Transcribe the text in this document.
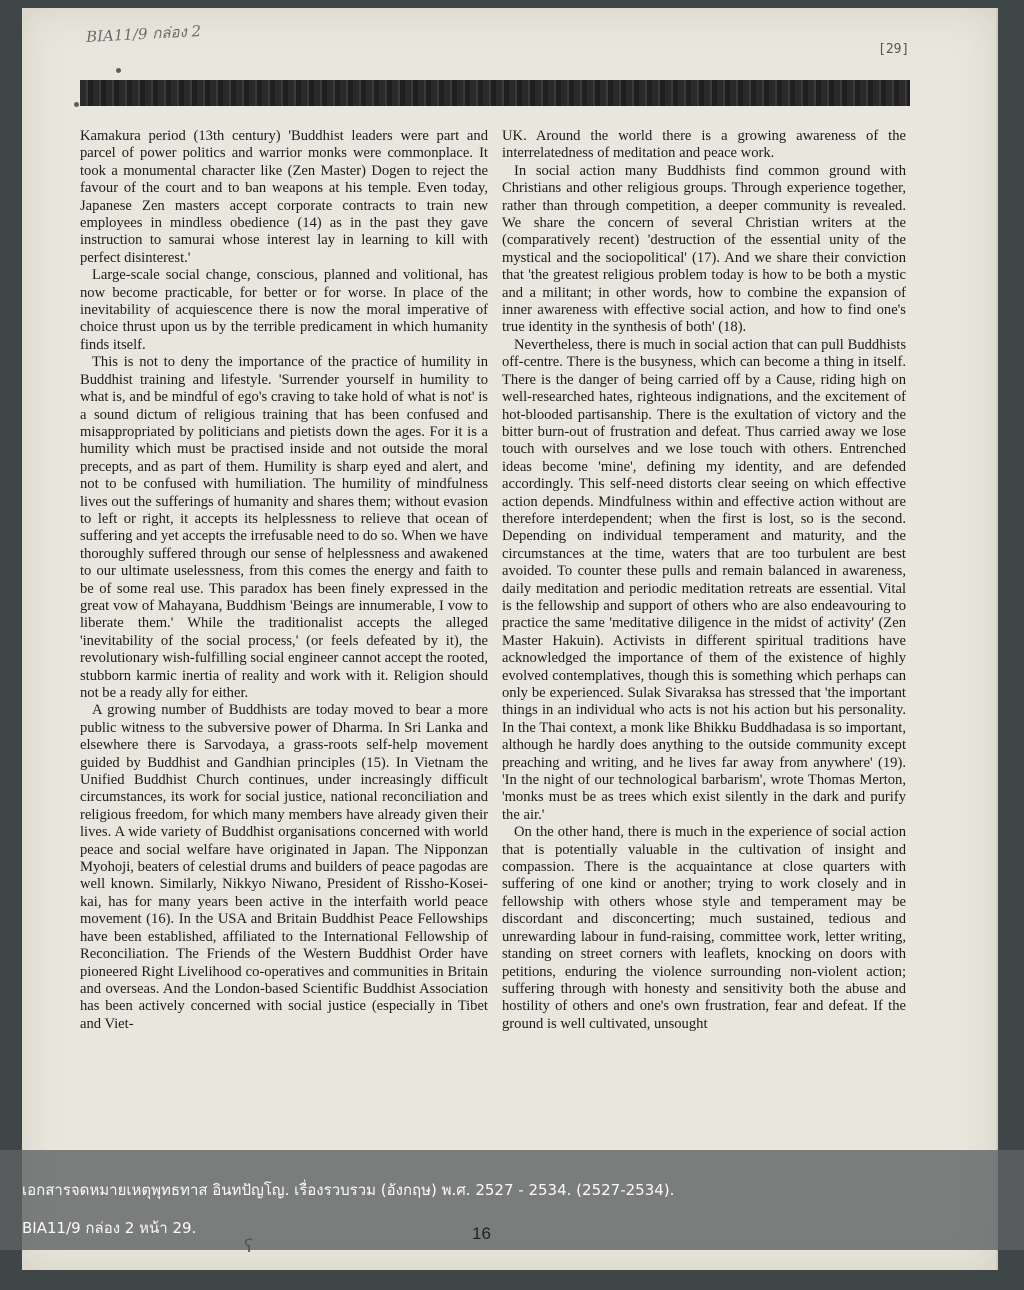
BIA11/9 กล่อง 2
[29]

Kamakura period (13th century) 'Buddhist leaders were part and parcel of power politics and warrior monks were commonplace. It took a monumental character like (Zen Master) Dogen to reject the favour of the court and to ban weapons at his temple. Even today, Japanese Zen masters accept corporate contracts to train new employees in mindless obedience (14) as in the past they gave instruction to samurai whose interest lay in learning to kill with perfect disinterest.'

Large-scale social change, conscious, planned and volitional, has now become practicable, for better or for worse. In place of the inevitability of acquiescence there is now the moral imperative of choice thrust upon us by the terrible predicament in which humanity finds itself.

This is not to deny the importance of the practice of humility in Buddhist training and lifestyle. 'Surrender yourself in humility to what is, and be mindful of ego's craving to take hold of what is not' is a sound dictum of religious training that has been confused and misappropriated by politicians and pietists down the ages. For it is a humility which must be practised inside and not outside the moral precepts, and as part of them. Humility is sharp eyed and alert, and not to be confused with humiliation. The humility of mindfulness lives out the sufferings of humanity and shares them; without evasion to left or right, it accepts its helplessness to relieve that ocean of suffering and yet accepts the irrefusable need to do so. When we have thoroughly suffered through our sense of helplessness and awakened to our ultimate uselessness, from this comes the energy and faith to be of some real use. This paradox has been finely expressed in the great vow of Mahayana, Buddhism 'Beings are innumerable, I vow to liberate them.' While the traditionalist accepts the alleged 'inevitability of the social process,' (or feels defeated by it), the revolutionary wish-fulfilling social engineer cannot accept the rooted, stubborn karmic inertia of reality and work with it. Religion should not be a ready ally for either.

A growing number of Buddhists are today moved to bear a more public witness to the subversive power of Dharma. In Sri Lanka and elsewhere there is Sarvodaya, a grass-roots self-help movement guided by Buddhist and Gandhian principles (15). In Vietnam the Unified Buddhist Church continues, under increasingly difficult circumstances, its work for social justice, national reconciliation and religious freedom, for which many members have already given their lives. A wide variety of Buddhist organisations concerned with world peace and social welfare have originated in Japan. The Nipponzan Myohoji, beaters of celestial drums and builders of peace pagodas are well known. Similarly, Nikkyo Niwano, President of Rissho-Kosei-kai, has for many years been active in the interfaith world peace movement (16). In the USA and Britain Buddhist Peace Fellowships have been established, affiliated to the International Fellowship of Reconciliation. The Friends of the Western Buddhist Order have pioneered Right Livelihood co-operatives and communities in Britain and overseas. And the London-based Scientific Buddhist Association has been actively concerned with social justice (especially in Tibet and Viet-

UK. Around the world there is a growing awareness of the interrelatedness of meditation and peace work.

In social action many Buddhists find common ground with Christians and other religious groups. Through experience together, rather than through competition, a deeper community is revealed. We share the concern of several Christian writers at the (comparatively recent) 'destruction of the essential unity of the mystical and the sociopolitical' (17). And we share their conviction that 'the greatest religious problem today is how to be both a mystic and a militant; in other words, how to combine the expansion of inner awareness with effective social action, and how to find one's true identity in the synthesis of both' (18).

Nevertheless, there is much in social action that can pull Buddhists off-centre. There is the busyness, which can become a thing in itself. There is the danger of being carried off by a Cause, riding high on well-researched hates, righteous indignations, and the excitement of hot-blooded partisanship. There is the exultation of victory and the bitter burn-out of frustration and defeat. Thus carried away we lose touch with ourselves and we lose touch with others. Entrenched ideas become 'mine', defining my identity, and are defended accordingly. This self-need distorts clear seeing on which effective action depends. Mindfulness within and effective action without are therefore interdependent; when the first is lost, so is the second. Depending on individual temperament and maturity, and the circumstances at the time, waters that are too turbulent are best avoided. To counter these pulls and remain balanced in awareness, daily meditation and periodic meditation retreats are essential. Vital is the fellowship and support of others who are also endeavouring to practice the same 'meditative diligence in the midst of activity' (Zen Master Hakuin). Activists in different spiritual traditions have acknowledged the importance of them of the existence of highly evolved contemplatives, though this is something which perhaps can only be experienced. Sulak Sivaraksa has stressed that 'the important things in an individual who acts is not his action but his personality. In the Thai context, a monk like Bhikku Buddhadasa is so important, although he hardly does anything to the outside community except preaching and writing, and he lives far away from anywhere' (19). 'In the night of our technological barbarism', wrote Thomas Merton, 'monks must be as trees which exist silently in the dark and purify the air.'

On the other hand, there is much in the experience of social action that is potentially valuable in the cultivation of insight and compassion. There is the acquaintance at close quarters with suffering of one kind or another; trying to work closely and in fellowship with others whose style and temperament may be discordant and disconcerting; much sustained, tedious and unrewarding labour in fund-raising, committee work, letter writing, standing on street corners with leaflets, knocking on doors with petitions, enduring the violence surrounding non-violent action; suffering through with honesty and sensitivity both the abuse and hostility of others and one's own frustration, fear and defeat. If the ground is well cultivated, unsought

เอกสารจดหมายเหตุพุทธทาส อินทปัญโญ. เรื่องรวบรวม (อังกฤษ) พ.ศ. 2527 - 2534. (2527-2534).
BIA11/9 กล่อง 2 หน้า 29.
ʕ
16
